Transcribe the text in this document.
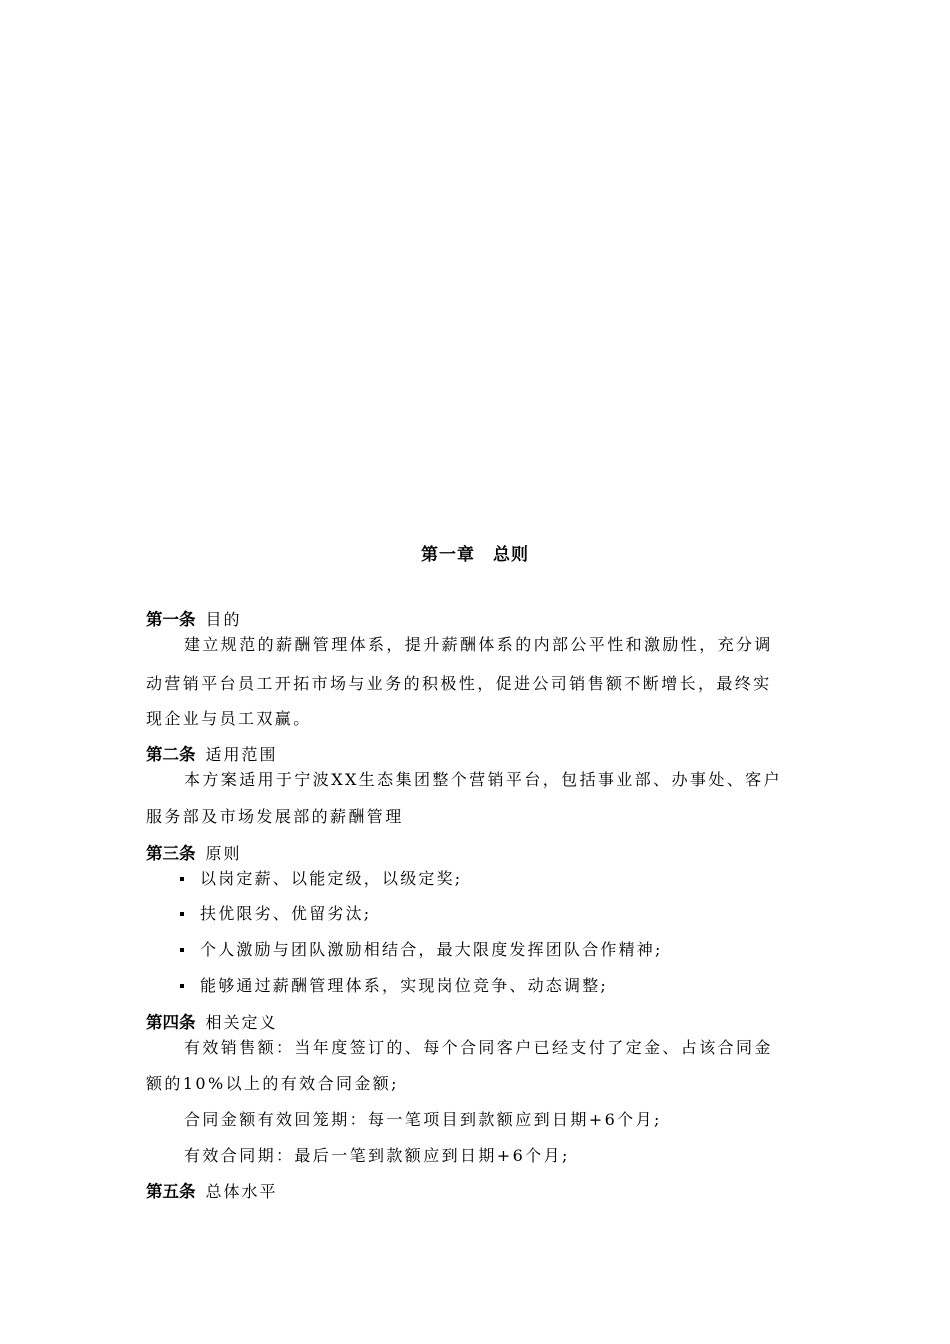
第一章　总则
第一条 目的
建立规范的薪酬管理体系，提升薪酬体系的内部公平性和激励性，充分调
动营销平台员工开拓市场与业务的积极性，促进公司销售额不断增长，最终实
现企业与员工双赢。
第二条 适用范围
本方案适用于宁波XX生态集团整个营销平台，包括事业部、办事处、客户
服务部及市场发展部的薪酬管理
第三条 原则
以岗定薪、以能定级，以级定奖;
扶优限劣、优留劣汰;
个人激励与团队激励相结合，最大限度发挥团队合作精神;
能够通过薪酬管理体系，实现岗位竞争、动态调整;
第四条 相关定义
有效销售额：当年度签订的、每个合同客户已经支付了定金、占该合同金
额的10%以上的有效合同金额;
合同金额有效回笼期：每一笔项目到款额应到日期+6个月;
有效合同期：最后一笔到款额应到日期+6个月;
第五条 总体水平
